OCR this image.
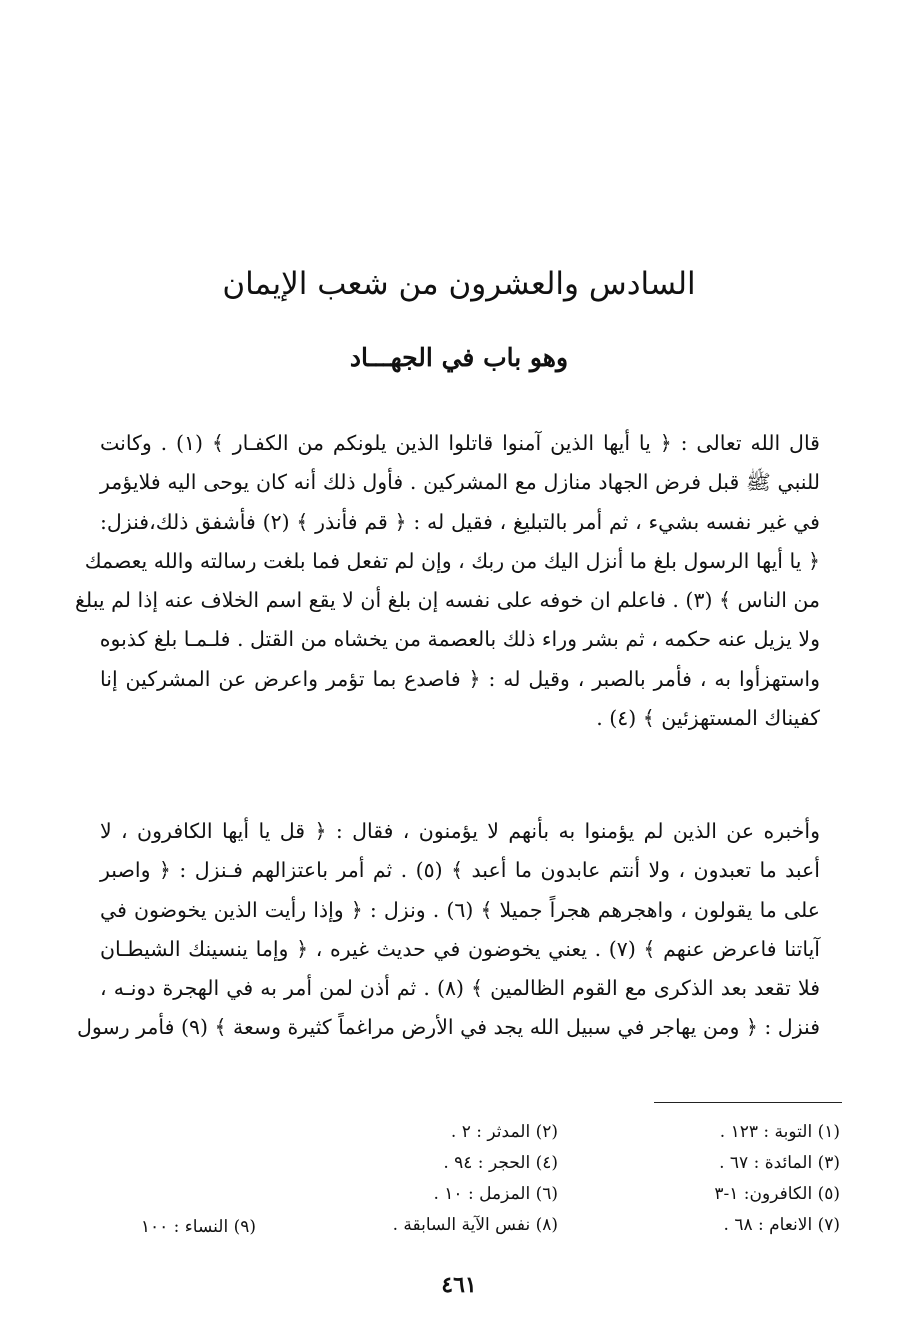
السادس والعشرون من شعب الإيمان
وهو باب في الجهـــاد
قال الله تعالى : ﴿ يا أيها الذين آمنوا قاتلوا الذين يلونكم من الكفـار ﴾ (١) . وكانت
للنبي ﷺ قبل فرض الجهاد منازل مع المشركين . فأول ذلك أنه كان يوحى اليه فلايؤمر
في غير نفسه بشيء ، ثم أمر بالتبليغ ، فقيل له : ﴿ قم فأنذر ﴾ (٢) فأشفق ذلك،فنزل:
﴿ يا أيها الرسول بلغ ما أنزل اليك من ربك ، وإن لم تفعل فما بلغت رسالته والله يعصمك
من الناس ﴾ (٣) . فاعلم ان خوفه على نفسه إن بلغ أن لا يقع اسم الخلاف عنه إذا لم يبلغ
ولا يزيل عنه حكمه ، ثم بشر وراء ذلك بالعصمة من يخشاه من القتل . فلـمـا بلغ كذبوه
واستهزأوا به ، فأمر بالصبر ، وقيل له : ﴿ فاصدع بما تؤمر واعرض عن المشركين إنا
كفيناك المستهزئين ﴾ (٤) .
وأخبره عن الذين لم يؤمنوا به بأنهم لا يؤمنون ، فقال : ﴿ قل يا أيها الكافرون ، لا
أعبد ما تعبدون ، ولا أنتم عابدون ما أعبد ﴾ (٥) . ثم أمر باعتزالهم فـنزل : ﴿ واصبر
على ما يقولون ، واهجرهم هجراً جميلا ﴾ (٦) . ونزل : ﴿ وإذا رأيت الذين يخوضون في
آياتنا فاعرض عنهم ﴾ (٧) . يعني يخوضون في حديث غيره ، ﴿ وإما ينسينك الشيطـان
فلا تقعد بعد الذكرى مع القوم الظالمين ﴾ (٨) . ثم أذن لمن أمر به في الهجرة دونـه ،
فنزل : ﴿ ومن يهاجر في سبيل الله يجد في الأرض مراغماً كثيرة وسعة ﴾ (٩) فأمر رسول
(١) التوبة : ١٢٣ .
(٣) المائدة : ٦٧ .
(٥) الكافرون: ١-٣
(٧) الانعام : ٦٨ .
(٢) المدثر : ٢ .
(٤) الحجر : ٩٤ .
(٦) المزمل : ١٠ .
(٨) نفس الآية السابقة .
(٩) النساء : ١٠٠
٤٦١
